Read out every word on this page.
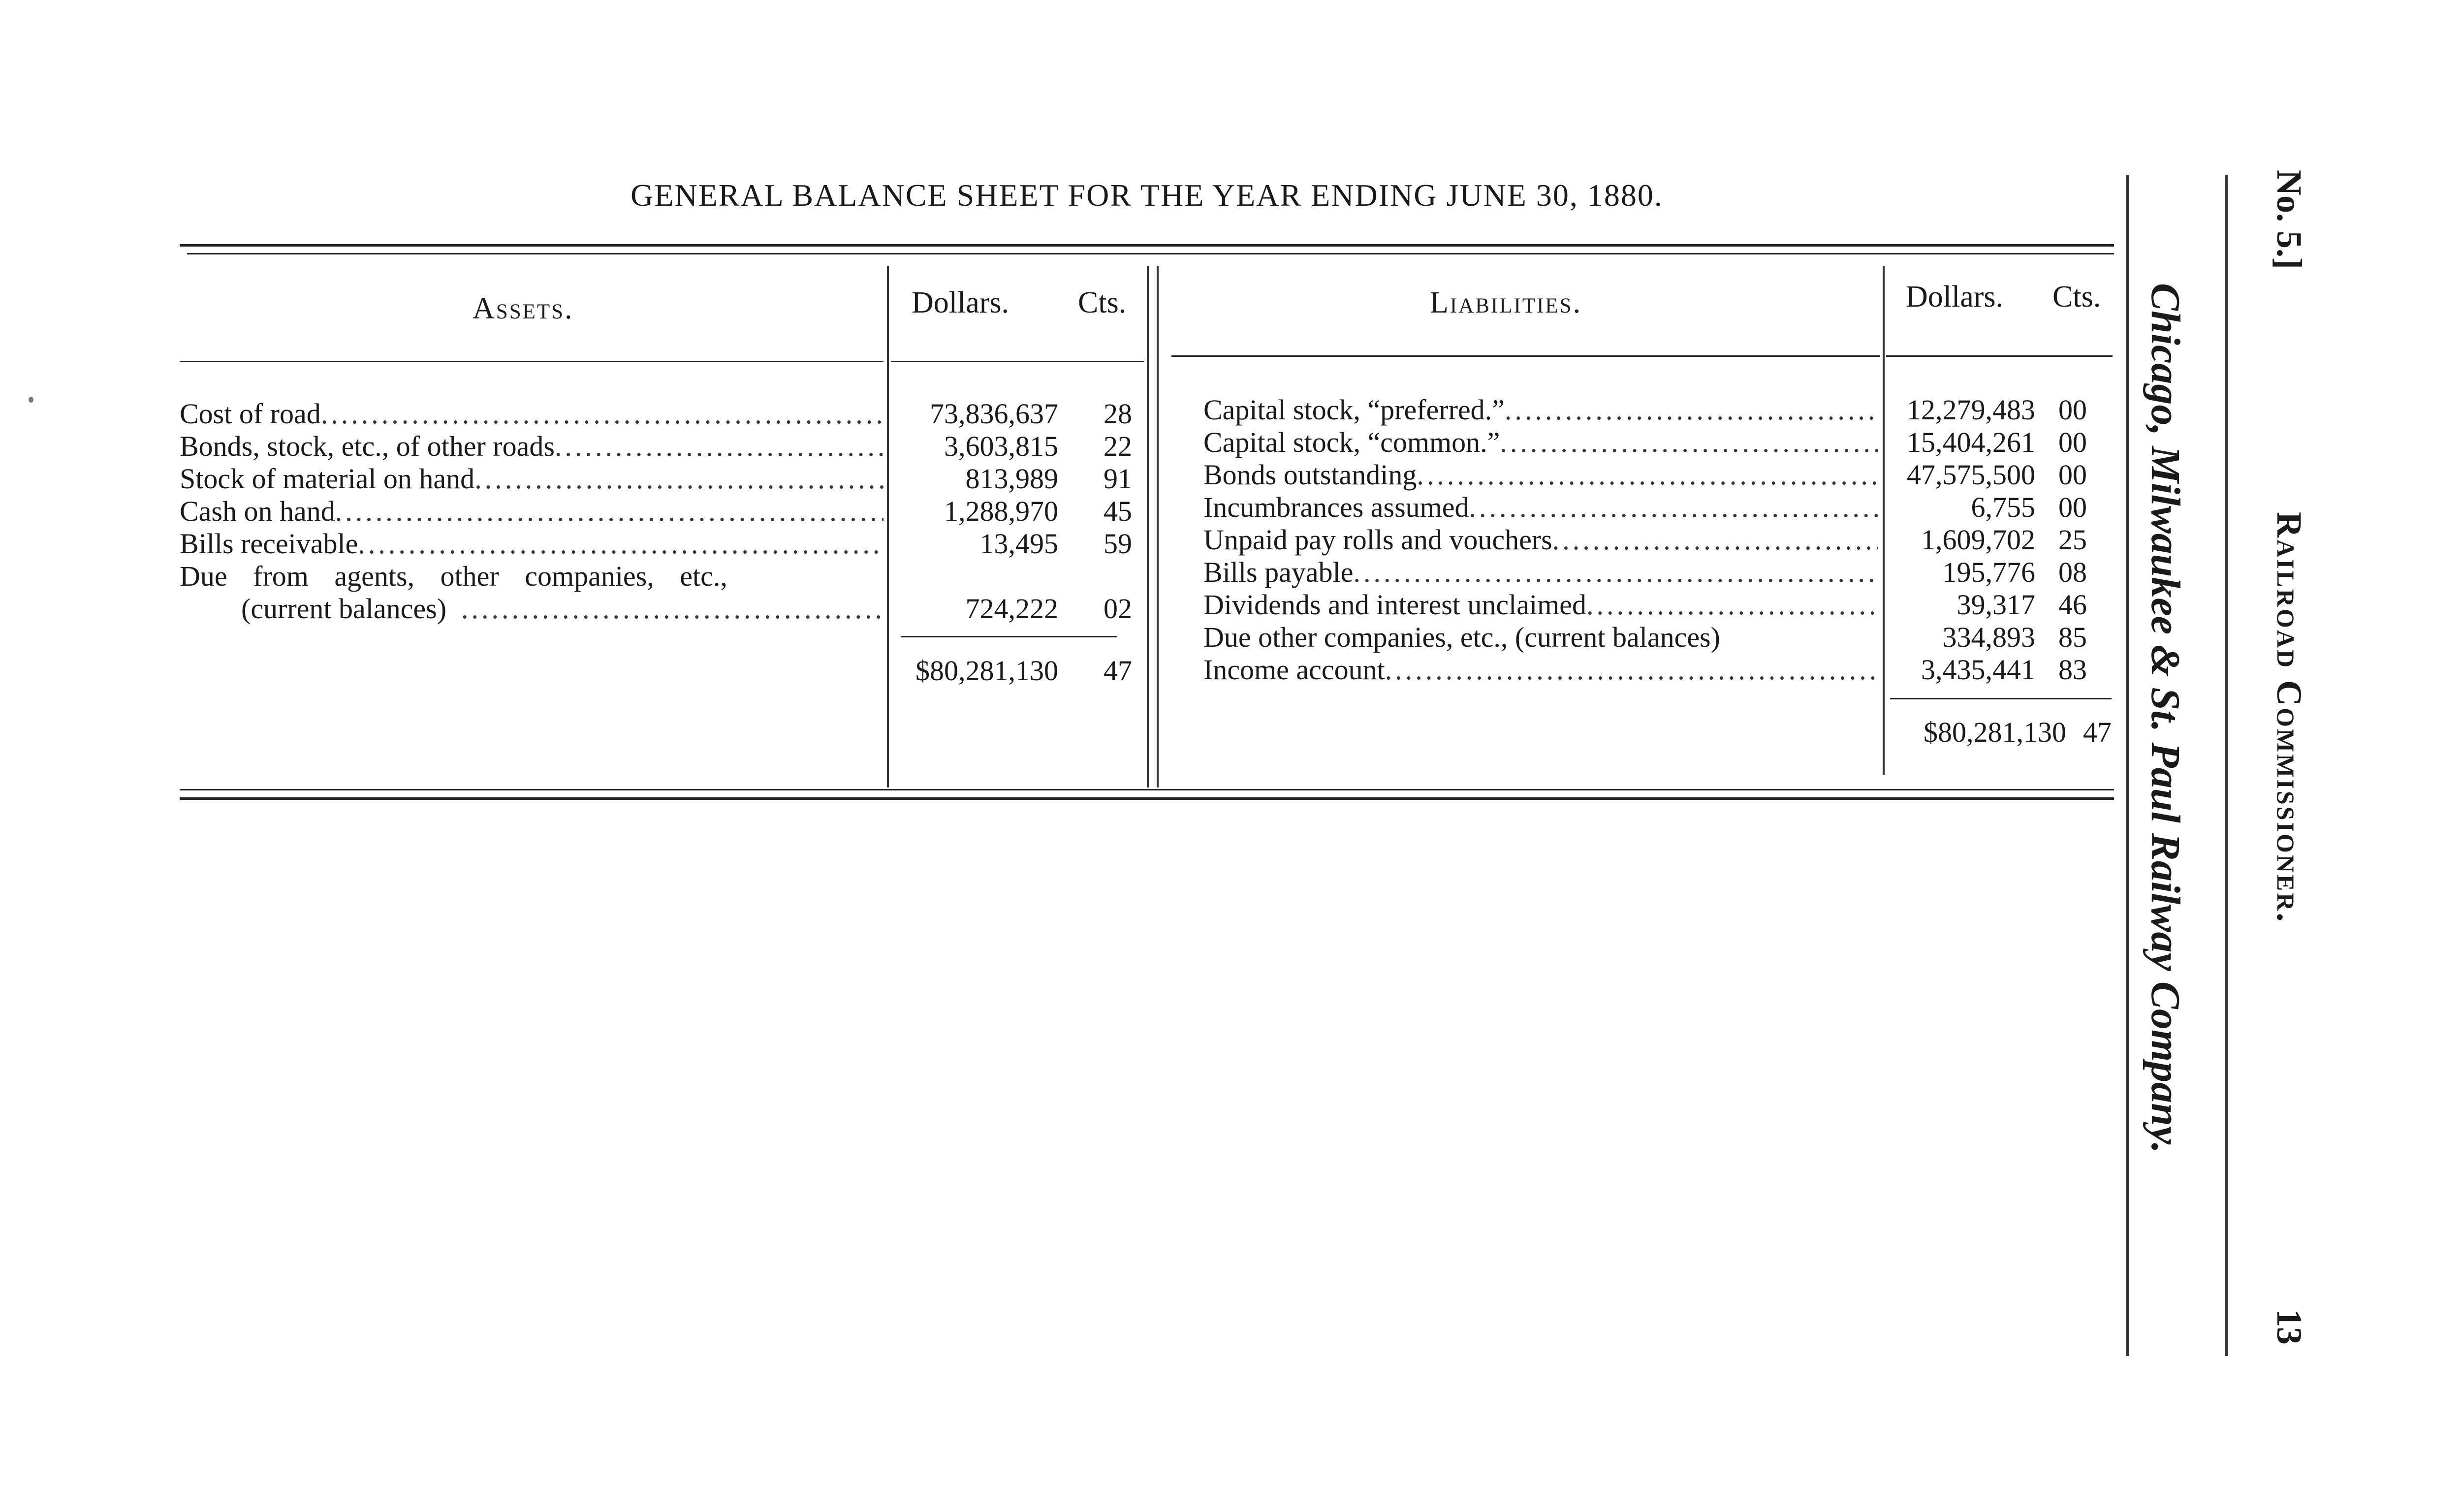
GENERAL BALANCE SHEET FOR THE YEAR ENDING JUNE 30, 1880.
Assets.	Dollars. Cts.	Liabilities.	Dollars. Cts.
Cost of road .....	73,836,637	28
Bonds, stock, etc., of other roads .....	3,603,815	22
Stock of material on hand .....	813,989	91
Cash on hand .....	1,288,970	45
Bills receivable .....	13,495	59
Due from agents, other companies, etc.,
(current balances) .....	724,222	02
$80,281,130	47
Capital stock, “preferred.” .....	12,279,483 00
Capital stock, “common.” .....	15,404,261 00
Bonds outstanding .....	47,575,500 00
Incumbrances assumed .....	6,755 00
Unpaid pay rolls and vouchers .....	1,609,702 25
Bills payable .....	195,776 08
Dividends and interest unclaimed .....	39,317 46
Due other companies, etc., (current balances)	334,893 85
Income account .....	3,435,441 83
$80,281,130 47 Chicago, Milwaukee & St. Paul Railway Company.
No. 5.]
Railroad Commissioner.
13
